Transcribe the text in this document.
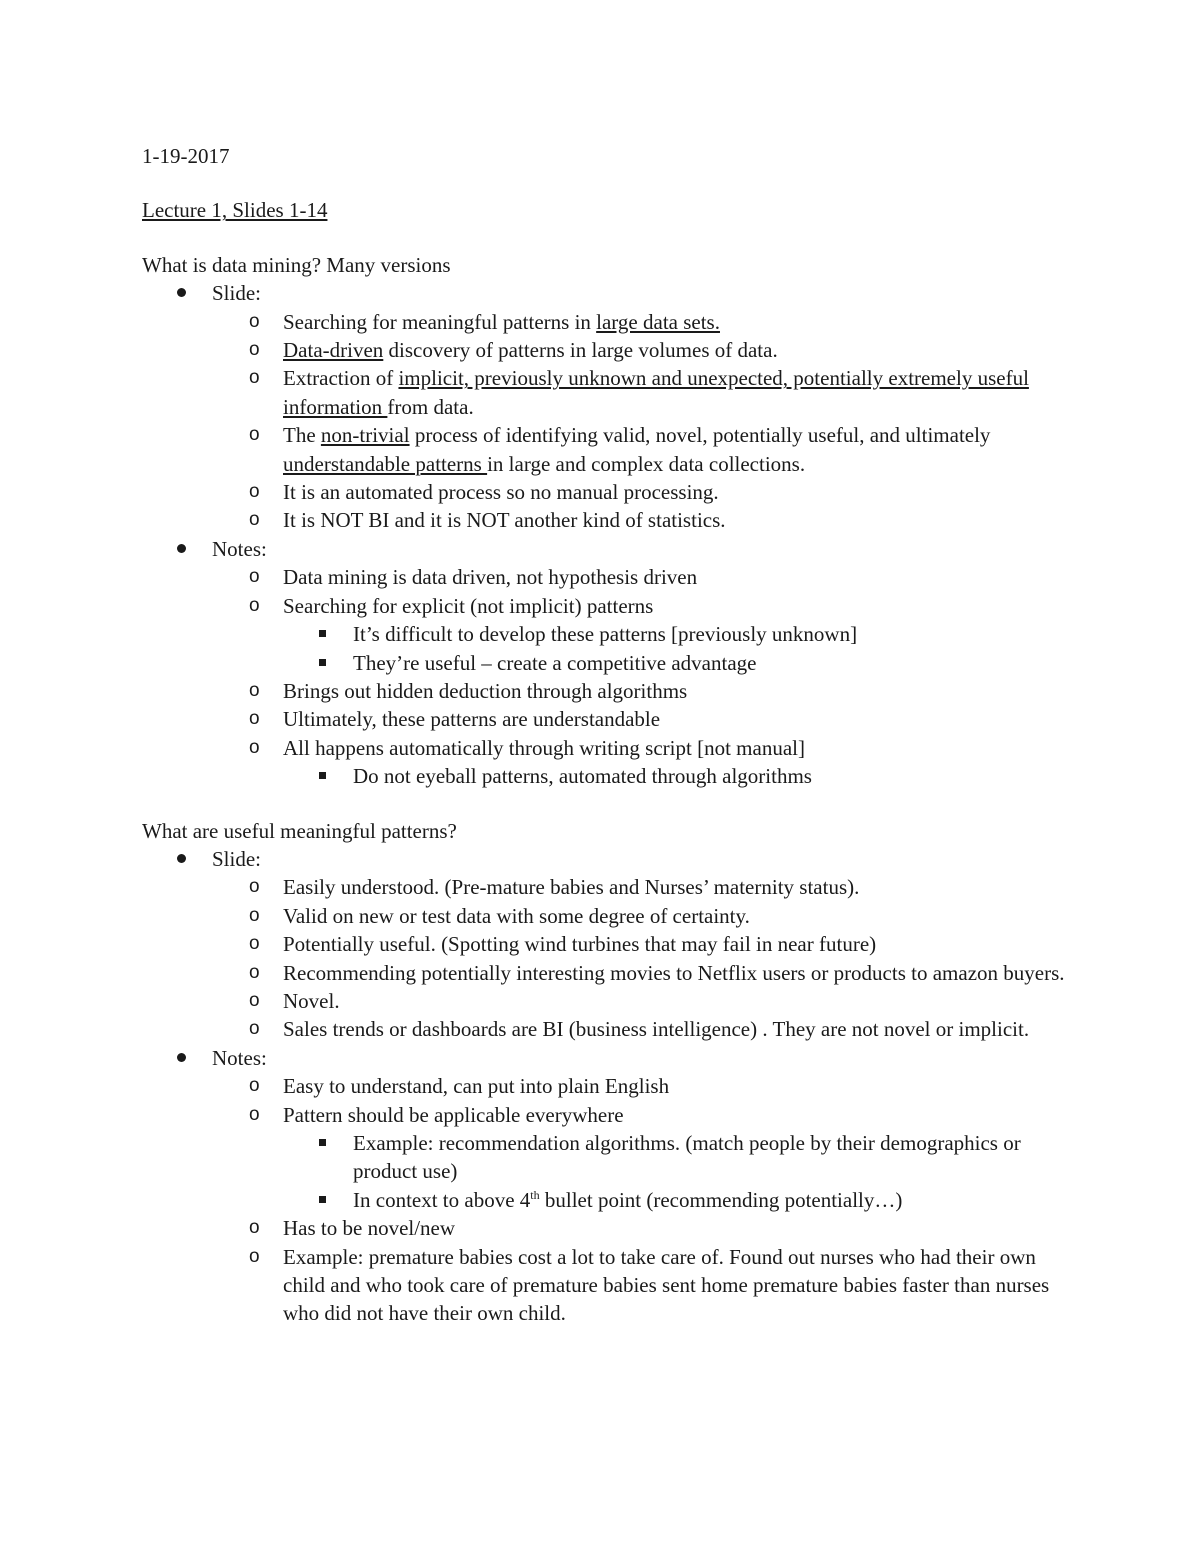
1-19-2017

Lecture 1, Slides 1-14

What is data mining? Many versions

Slide:
o Searching for meaningful patterns in large data sets.
o Data-driven discovery of patterns in large volumes of data.
o Extraction of implicit, previously unknown and unexpected, potentially extremely useful information from data.
o The non-trivial process of identifying valid, novel, potentially useful, and ultimately understandable patterns in large and complex data collections.
o It is an automated process so no manual processing.
o It is NOT BI and it is NOT another kind of statistics.
Notes:
o Data mining is data driven, not hypothesis driven
o Searching for explicit (not implicit) patterns
It’s difficult to develop these patterns [previously unknown]
They’re useful – create a competitive advantage
o Brings out hidden deduction through algorithms
o Ultimately, these patterns are understandable
o All happens automatically through writing script [not manual]
Do not eyeball patterns, automated through algorithms

What are useful meaningful patterns?

Slide:
o Easily understood. (Pre-mature babies and Nurses’ maternity status).
o Valid on new or test data with some degree of certainty.
o Potentially useful. (Spotting wind turbines that may fail in near future)
o Recommending potentially interesting movies to Netflix users or products to amazon buyers.
o Novel.
o Sales trends or dashboards are BI (business intelligence) . They are not novel or implicit.
Notes:
o Easy to understand, can put into plain English
o Pattern should be applicable everywhere
Example: recommendation algorithms. (match people by their demographics or product use)
In context to above 4th bullet point (recommending potentially…)
o Has to be novel/new
o Example: premature babies cost a lot to take care of. Found out nurses who had their own child and who took care of premature babies sent home premature babies faster than nurses who did not have their own child.
